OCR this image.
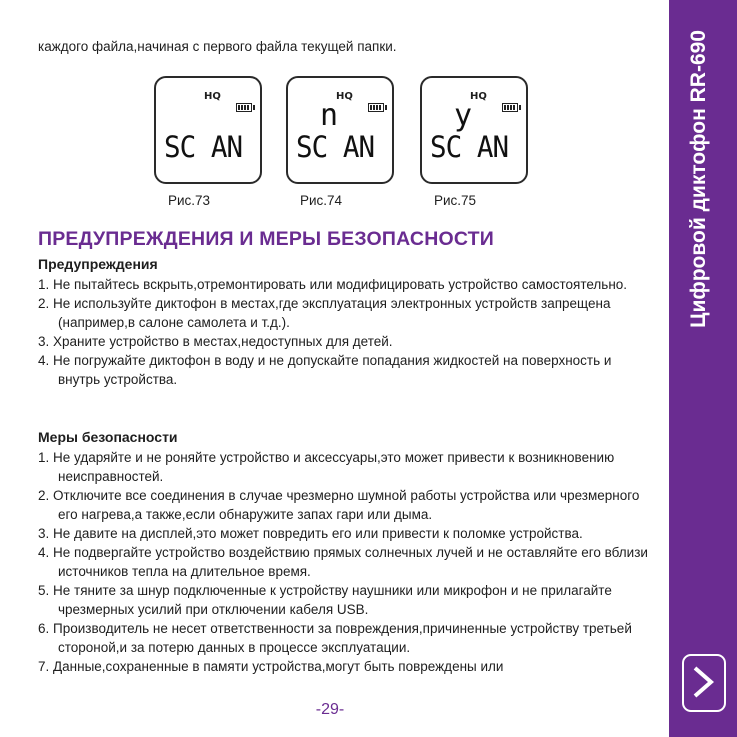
каждого файла,начиная с первого файла текущей папки.
HQ
SC AN
Рис.73
HQ
n
SC AN
Рис.74
HQ
y
SC AN
Рис.75
ПРЕДУПРЕЖДЕНИЯ И МЕРЫ БЕЗОПАСНОСТИ
Предупреждения
1. Не пытайтесь вскрыть,отремонтировать или модифицировать устройство самостоятельно.
2. Не используйте диктофон в местах,где эксплуатация электронных устройств запрещена (например,в салоне самолета и т.д.).
3. Храните устройство в местах,недоступных для детей.
4. Не погружайте диктофон в воду и не допускайте попадания жидкостей на поверхность и внутрь устройства.
Меры безопасности
1. Не ударяйте и не роняйте устройство и аксессуары,это может привести к возникновению неисправностей.
2. Отключите все соединения в случае чрезмерно шумной работы устройства или чрезмерного его нагрева,а также,если обнаружите запах гари или дыма.
3. Не давите на дисплей,это может повредить его или привести к поломке устройства.
4. Не подвергайте устройство воздействию прямых солнечных лучей и не оставляйте его вблизи источников тепла на длительное время.
5. Не тяните за шнур подключенные к устройству наушники или микрофон и не прилагайте чрезмерных усилий при отключении кабеля USB.
6. Производитель не несет ответственности за повреждения,причиненные устройству третьей стороной,и за потерю данных в процессе эксплуатации.
7. Данные,сохраненные в памяти устройства,могут быть повреждены или
-29-
Цифровой диктофон RR-690
